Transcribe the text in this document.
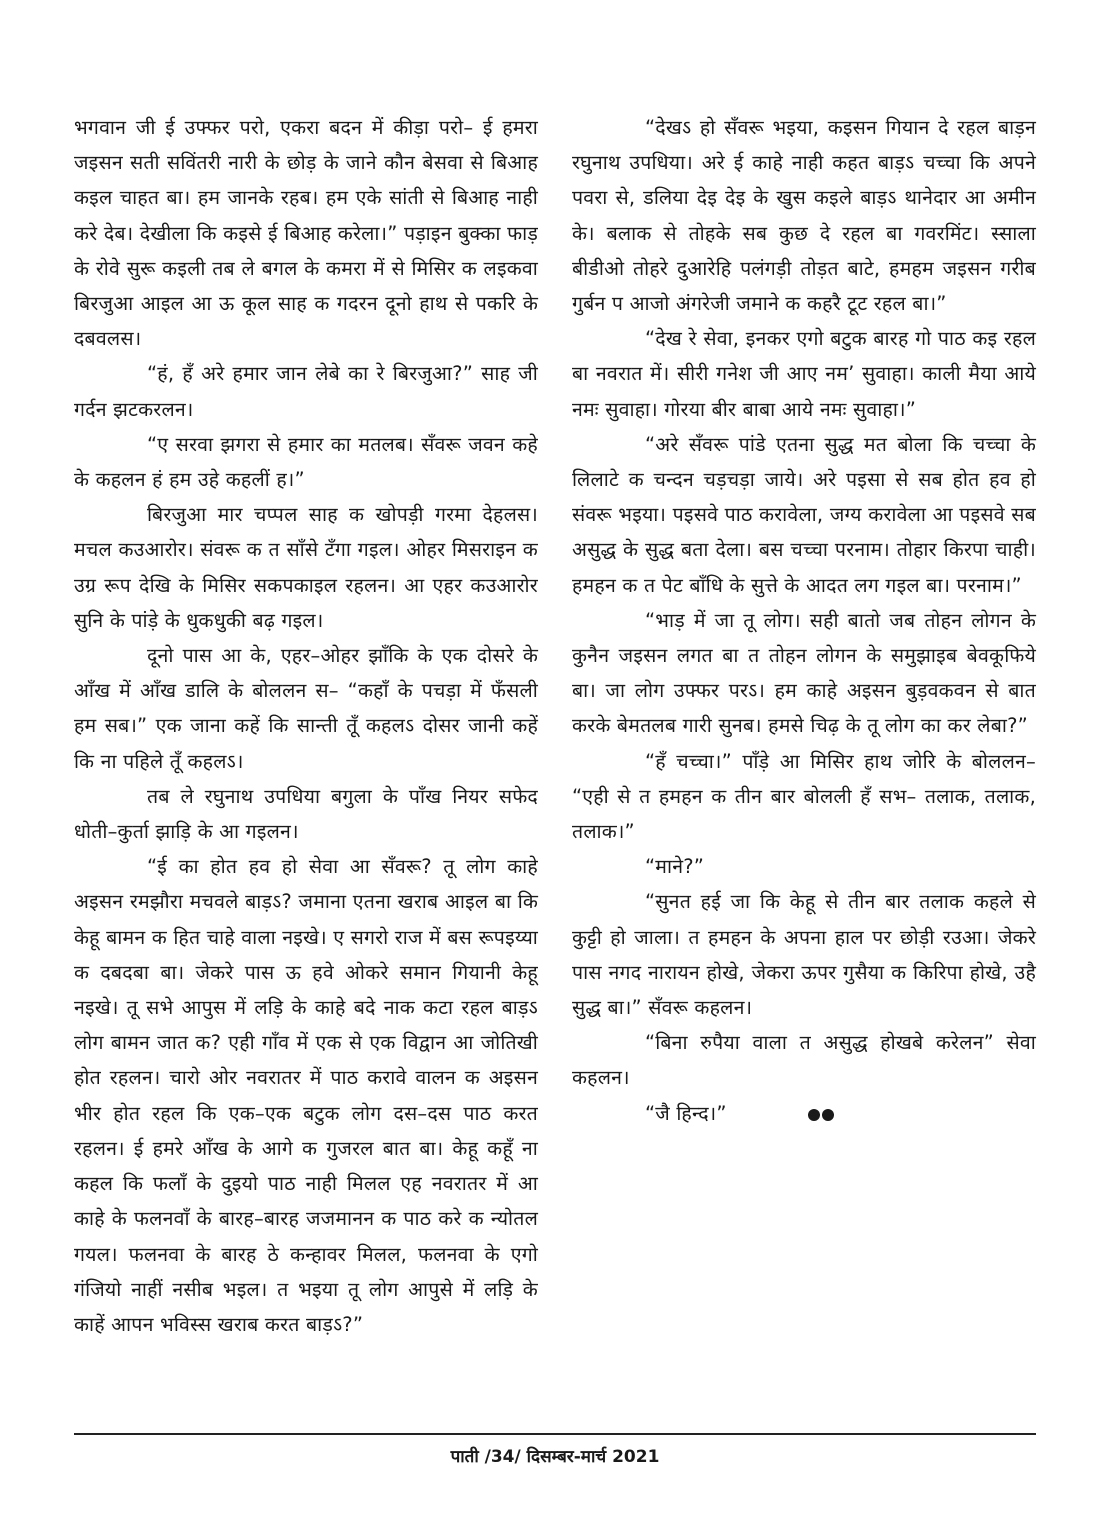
भगवान जी ई उफ्फर परो, एकरा बदन में कीड़ा परो– ई हमरा जइसन सती सविंतरी नारी के छोड़ के जाने कौन बेसवा से बिआह कइल चाहत बा। हम जानके रहब। हम एके सांती से बिआह नाही करे देब। देखीला कि कइसे ई बिआह करेला।” पड़ाइन बुक्का फाड़ के रोवे सुरू कइली तब ले बगल के कमरा में से मिसिर क लइकवा बिरजुआ आइल आ ऊ कूल साह क गदरन दूनो हाथ से पकरि के दबवलस।

“हं, हँ अरे हमार जान लेबे का रे बिरजुआ?” साह जी गर्दन झटकरलन।

“ए सरवा झगरा से हमार का मतलब। सँवरू जवन कहे के कहलन हं हम उहे कहलीं ह।”

बिरजुआ मार चप्पल साह क खोपड़ी गरमा देहलस। मचल कउआरोर। संवरू क त साँसे टँगा गइल। ओहर मिसराइन क उग्र रूप देखि के मिसिर सकपकाइल रहलन। आ एहर कउआरोर सुनि के पांड़े के धुकधुकी बढ़ गइल।

दूनो पास आ के, एहर–ओहर झाँकि के एक दोसरे के आँख में आँख डालि के बोललन स– “कहाँ के पचड़ा में फँसली हम सब।” एक जाना कहें कि सान्ती तूँ कहलऽ दोसर जानी कहें कि ना पहिले तूँ कहलऽ।

तब ले रघुनाथ उपधिया बगुला के पाँख नियर सफेद धोती–कुर्ता झाड़ि के आ गइलन।

“ई का होत हव हो सेवा आ सँवरू? तू लोग काहे अइसन रमझौरा मचवले बाड़ऽ? जमाना एतना खराब आइल बा कि केहू बामन क हित चाहे वाला नइखे। ए सगरो राज में बस रूपइय्या क दबदबा बा। जेकरे पास ऊ हवे ओकरे समान गियानी केहू नइखे। तू सभे आपुस में लड़ि के काहे बदे नाक कटा रहल बाड़ऽ लोग बामन जात क? एही गाँव में एक से एक विद्वान आ जोतिखी होत रहलन। चारो ओर नवरातर में पाठ करावे वालन क अइसन भीर होत रहल कि एक–एक बटुक लोग दस–दस पाठ करत रहलन। ई हमरे आँख के आगे क गुजरल बात बा। केहू कहूँ ना कहल कि फलाँ के दुइयो पाठ नाही मिलल एह नवरातर में आ काहे के फलनवाँ के बारह–बारह जजमानन क पाठ करे क न्योतल गयल। फलनवा के बारह ठे कन्हावर मिलल, फलनवा के एगो गंजियो नाहीं नसीब भइल। त भइया तू लोग आपुसे में लड़ि के काहें आपन भविस्स खराब करत बाड़ऽ?”

“देखऽ हो सँवरू भइया, कइसन गियान दे रहल बाड़न रघुनाथ उपधिया। अरे ई काहे नाही कहत बाड़ऽ चच्चा कि अपने पवरा से, डलिया देइ देइ के खुस कइले बाड़ऽ थानेदार आ अमीन के। बलाक से तोहके सब कुछ दे रहल बा गवरमिंट। स्साला बीडीओ तोहरे दुआरेहि पलंगड़ी तोड़त बाटे, हमहम जइसन गरीब गुर्बन प आजो अंगरेजी जमाने क कहरै टूट रहल बा।”

“देख रे सेवा, इनकर एगो बटुक बारह गो पाठ कइ रहल बा नवरात में। सीरी गनेश जी आए नम’ सुवाहा। काली मैया आये नमः सुवाहा। गोरया बीर बाबा आये नमः सुवाहा।”

“अरे सँवरू पांडे एतना सुद्ध मत बोला कि चच्चा के लिलाटे क चन्दन चड़चड़ा जाये। अरे पइसा से सब होत हव हो संवरू भइया। पइसवे पाठ करावेला, जग्य करावेला आ पइसवे सब असुद्ध के सुद्ध बता देला। बस चच्चा परनाम। तोहार किरपा चाही। हमहन क त पेट बाँधि के सुत्ते के आदत लग गइल बा। परनाम।”

“भाड़ में जा तू लोग। सही बातो जब तोहन लोगन के कुनैन जइसन लगत बा त तोहन लोगन के समुझाइब बेवकूफिये बा। जा लोग उफ्फर परऽ। हम काहे अइसन बुड़वकवन से बात करके बेमतलब गारी सुनब। हमसे चिढ़ के तू लोग का कर लेबा?”

“हँ चच्चा।” पाँड़े आ मिसिर हाथ जोरि के बोललन– “एही से त हमहन क तीन बार बोलली हँ सभ– तलाक, तलाक, तलाक।”

“माने?”

“सुनत हई जा कि केहू से तीन बार तलाक कहले से कुट्टी हो जाला। त हमहन के अपना हाल पर छोड़ी रउआ। जेकरे पास नगद नारायन होखे, जेकरा ऊपर गुसैया क किरिपा होखे, उहै सुद्ध बा।” सँवरू कहलन।

“बिना रुपैया वाला त असुद्ध होखबे करेलन” सेवा कहलन।

“जै हिन्द।”

पाती /34/ दिसम्बर-मार्च 2021
